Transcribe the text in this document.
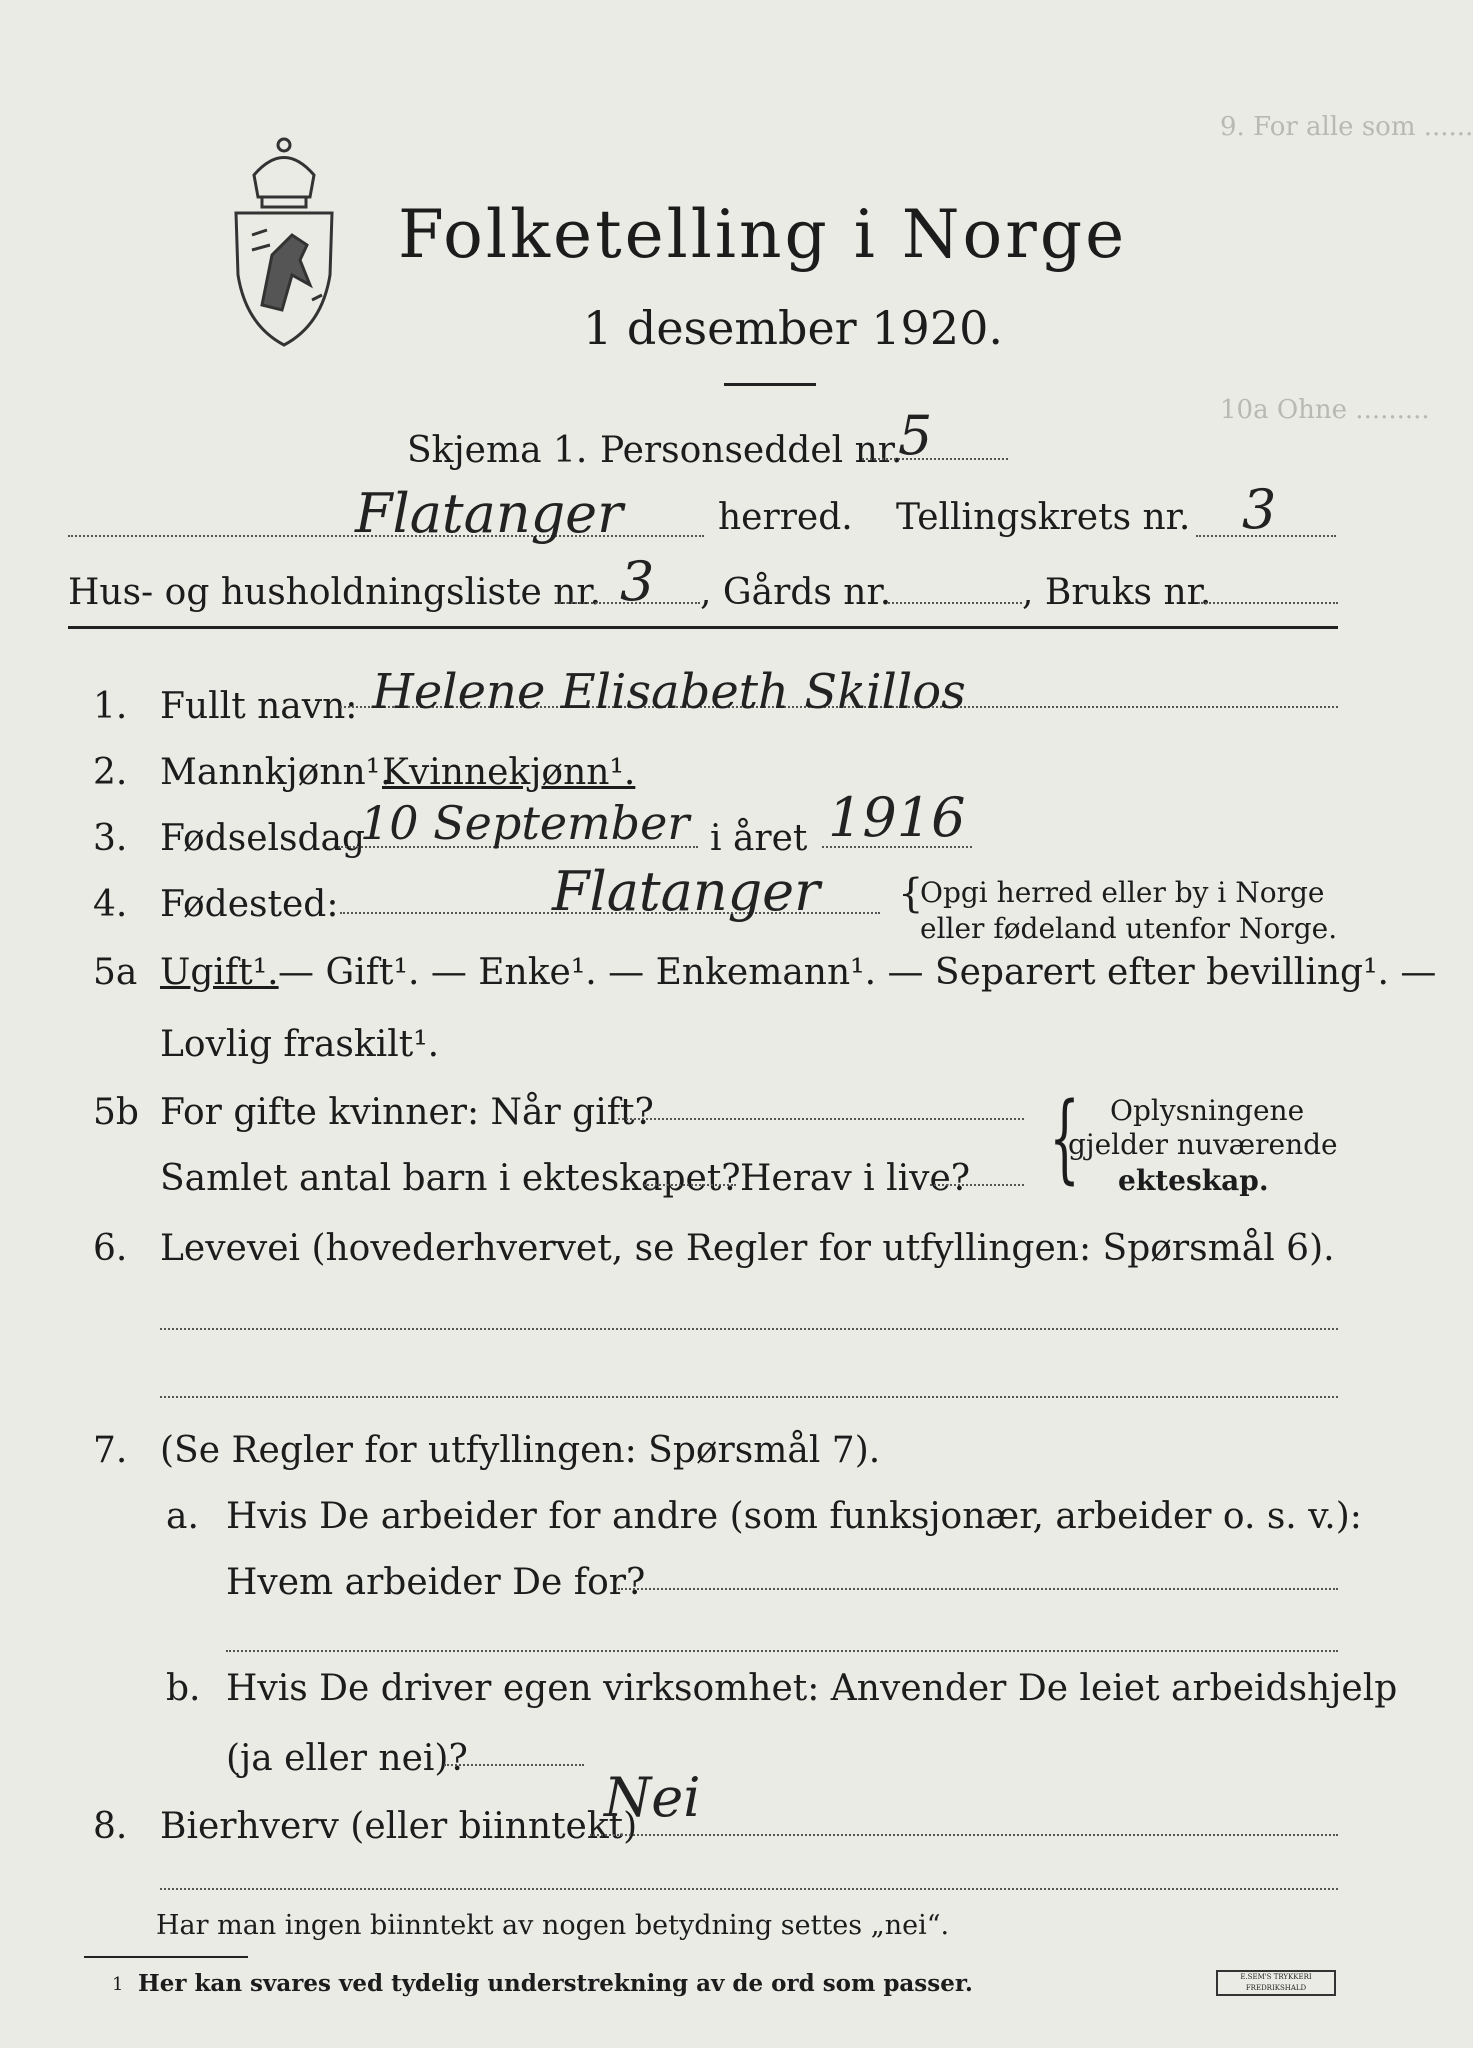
9. For alle som ......
10a Ohne .........
Folketelling i Norge
1 desember 1920.
Skjema 1. Personseddel nr.
5
Flatanger	herred. Tellingskrets nr. 3
Hus- og husholdningsliste nr. 3 , Gårds nr.	, Bruks nr.
1. Fullt navn: Helene Elisabeth Skillos
2. Mannkjønn¹.
Kvinnekjønn¹.
3. Fødselsdag
10 September i året 1916
4. Fødested:	Flatanger {
Opgi herred eller by i Norge
eller fødeland utenfor Norge.
5a Ugift¹. — Gift¹. — Enke¹. — Enkemann¹. — Separert efter bevilling¹. —
Lovlig fraskilt¹.
5b For gifte kvinner: Når gift?
Samlet antal barn i ekteskapet? Herav i live? { Oplysningene
gjelder nuværende
ekteskap.
6. Levevei (hovederhvervet, se Regler for utfyllingen: Spørsmål 6).
7. (Se Regler for utfyllingen: Spørsmål 7).
a. Hvis De arbeider for andre (som funksjonær, arbeider o. s. v.):
Hvem arbeider De for?
b. Hvis De driver egen virksomhet: Anvender De leiet arbeidshjelp
(ja eller nei)?
8. Bierhverv (eller biinntekt)
Nei
Har man ingen biinntekt av nogen betydning settes „nei“.
1 Her kan svares ved tydelig understrekning av de ord som passer.	E.SEM'S TRYKKERI FREDRIKSHALD
